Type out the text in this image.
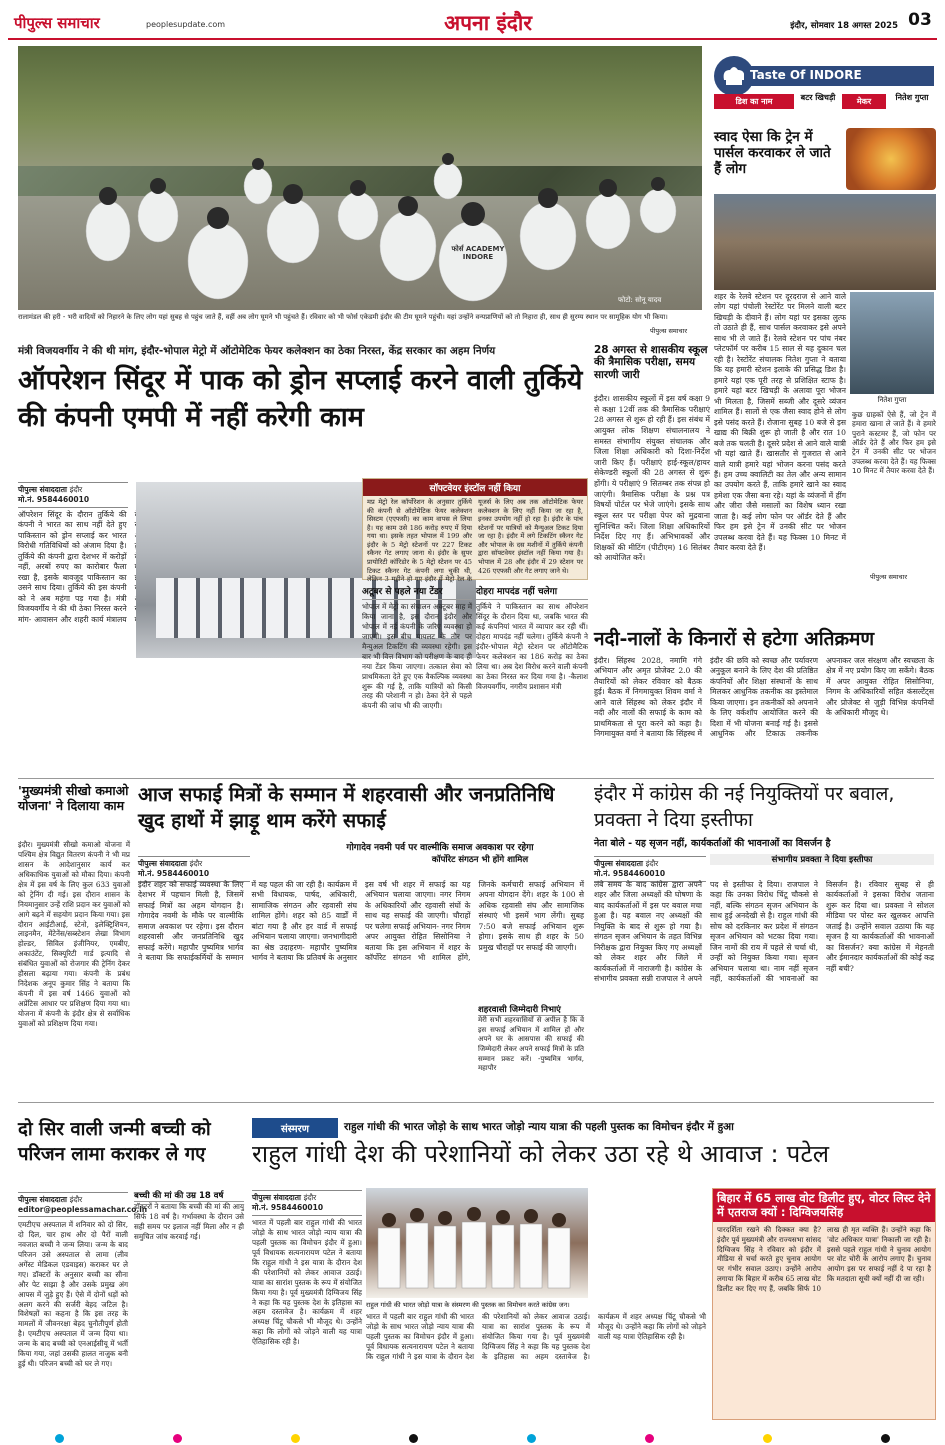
पीपुल्स समाचार	peoplesupdate.com	अपना इंदौर	इंदौर, सोमवार 18 अगस्त 2025 03
फोर्स ACADEMY INDORE
फोटो: सोनू यादव
रालामंडल की हरी - भरी वादियों को निहारने के लिए लोग यहां सुबह से पहुंच जाते हैं, वहीं अब लोग घूमने भी पहुंचते हैं। रविवार को भी फोर्स एकेडमी इंदौर की टीम घूमने पहुंची। यहां उन्होंने वन्यप्राणियों को तो निहारा ही, साथ ही सुरम्य स्थान पर सामूहिक योग भी किया।
पीपुल्स समाचार
Taste Of INDORE
डिश का नाम	बटर खिचड़ी	मेकर	नितेश गुप्ता
स्वाद ऐसा कि ट्रेन में पार्सल करवाकर ले जाते हैं लोग
शहर के रेलवे स्टेशन पर दूरदराज से आने वाले लोग यहां पंचोली रेस्टोरेंट पर मिलने वाली बटर खिचड़ी के दीवाने हैं। लोग यहां पर इसका लुत्फ तो उठाते ही हैं, साथ पार्सल करवाकर इसे अपने साथ भी ले जाते हैं। रेलवे स्टेशन पर पांच नंबर प्लेटफॉर्म पर करीब 15 साल से यह दुकान चल रही है। रेस्टोरेंट संचालक नितेश गुप्ता ने बताया कि यह हमारी स्टेशन इलाके की प्रसिद्ध डिश है। हमारे यहां एक पूरी तरह से प्रशिक्षित स्टाफ है। हमारे यहां बटर खिचड़ी के अलावा पूरा भोजन भी मिलता है, जिसमें सब्जी और दूसरे व्यंजन शामिल हैं। सालों से एक जैसा स्वाद होने से लोग इसे पसंद करते हैं। रोजाना सुबह 10 बजे से इस खाद्य की बिक्री शुरू हो जाती है और रात 10 बजे तक चलती है। दूसरे प्रदेश से आने वाले यात्री भी यहां खाते हैं। खासतौर से गुजरात से आने वाले यात्री हमारे यहां भोजन करना पसंद करते हैं। हम उच्च क्वालिटी का तेल और अन्य सामान का उपयोग करते हैं, ताकि हमारे खाने का स्वाद हमेशा एक जैसा बना रहे। यहां के व्यंजनों में हींग और जीरा जैसे मसालों का विशेष ध्यान रखा जाता है। कई लोग फोन पर ऑर्डर देते हैं और फिर हम इसे ट्रेन में उनकी सीट पर भोजन उपलब्ध करवा देते हैं। यह फिक्स 10 मिनट में तैयार करवा देते हैं।
नितेश गुप्ता
कुछ ग्राहकों ऐसे हैं, जो ट्रेन में हमारा खाना ले जाते हैं। वे हमारे पुराने कस्टमर हैं, जो फोन पर ऑर्डर देते हैं और फिर हम इसे ट्रेन में उनकी सीट पर भोजन उपलब्ध करवा देते हैं। यह फिक्स 10 मिनट में तैयार करवा देते हैं।
पीपुल्स समाचार
मंत्री विजयवर्गीय ने की थी मांग, इंदौर-भोपाल मेट्रो में ऑटोमेटिक फेयर कलेक्शन का ठेका निरस्त, केंद्र सरकार का अहम निर्णय
ऑपरेशन सिंदूर में पाक को ड्रोन सप्लाई करने वाली तुर्किये की कंपनी एमपी में नहीं करेगी काम
पीपुल्स संवाददाता इंदौर
मो.नं. 9584460010
ऑपरेशन सिंदूर के दौरान तुर्किये की कंपनी ने भारत का साथ नहीं देते हुए पाकिस्तान को ड्रोन सप्लाई कर भारत विरोधी गतिविधियों को अंजाम दिया है। तुर्किये की कंपनी द्वारा देशभर में करोड़ों नहीं, अरबों रुपए का कारोबार फैला रखा है, इसके बावजूद पाकिस्तान का उसने साथ दिया। तुर्किये की इस कंपनी को ने अब महंगा पड़ गया है। मंत्री विजयवर्गीय ने की थी ठेका निरस्त करने मांग- आवासन और शहरी कार्य मंत्रालय
सॉफ्टवेयर इंस्टॉल नहीं किया
मप्र मेट्रो रेल कॉर्पोरेशन के अनुसार तुर्किये की कंपनी से ऑटोमेटिक फेयर कलेक्शन सिस्टम (एएफसी) का काम वापस ले लिया है। यह काम उसे 186 करोड़ रुपए में दिया गया था। इसके तहत भोपाल में 199 और इंदौर के 5 मेट्रो स्टेशनों पर 227 टिकट स्कैनर गेट लगाए जाना थे। इंदौर के सुपर प्रायोरिटी कॉरिडोर के 5 मेट्रो स्टेशन पर 45 टिकट स्कैनर गेट कंपनी लगा चुकी थी, लेकिन 3 महीने हो गए इंदौर में मेट्रो रेल के यूजर्स के लिए अब तक ऑटोमेटिक फेयर कलेक्शन के लिए नहीं किया जा रहा है, इनका उपयोग नहीं हो रहा है। इंदौर के पांच स्टेशनों पर यात्रियों को मैन्युअल टिकट दिया जा रहा है। इंदौर में लगे टिकटिंग स्कैनर गेट और भोपाल के दस मशीनों में तुर्किये कंपनी द्वारा सॉफ्टवेयर इंस्टॉल नहीं किया गया है। भोपाल में 28 और इंदौर में 29 स्टेशन पर 426 एएफसी और गेट लगाए जाने थे।
अटूबर से पहले नया टेंडर
भोपाल में मेट्रो का संचालन अक्टूबर माह में किया जाना है, इस दौरान इंदौर और भोपाल में नई कंपनी के जरिए व्यवस्था हो जाएगी। इस बीच पायलट के तौर पर मैन्युअल टिकटिंग की व्यवस्था रहेगी। इस बार भी वित्त विभाग को परीक्षण के बाद ही नया टेंडर किया जाएगा। तत्काल सेवा को प्राथमिकता देते हुए एक वैकल्पिक व्यवस्था शुरू की गई है, ताकि यात्रियों को किसी तरह की परेशानी न हो। ठेका देने से पहले कंपनी की जांच भी की जाएगी।
दोहरा मापदंड नहीं चलेगा
तुर्किये ने पाकिस्तान का साथ ऑपरेशन सिंदूर के दौरान दिया था, जबकि भारत की कई कंपनियां भारत में व्यापार कर रही थीं। दोहरा मापदंड नहीं चलेगा। तुर्किये कंपनी ने इंदौर-भोपाल मेट्रो स्टेशन पर ऑटोमैटिक फेयर कलेक्शन का 186 करोड़ का ठेका लिया था। अब देश विरोध करने वाली कंपनी का ठेका निरस्त कर दिया गया है। -कैलाश विजयवर्गीय, नगरीय प्रशासन मंत्री
28 अगस्त से शासकीय स्कूल की त्रैमासिक परीक्षा, समय सारणी जारी
इंदौर। शासकीय स्कूलों में इस वर्ष कक्षा 9 से कक्षा 12वीं तक की त्रैमासिक परीक्षाएं 28 अगस्त से शुरू हो रही हैं। इस संबंध में आयुक्त लोक शिक्षण संचालनालय ने समस्त संभागीय संयुक्त संचालक और जिला शिक्षा अधिकारी को दिशा-निर्देश जारी किए हैं। परीक्षाएं हाई-स्कूल/हायर सेकेण्डरी स्कूलों की 28 अगस्त से शुरू होंगी। ये परीक्षाएं 9 सितम्बर तक संपन्न हो जाएंगी। त्रैमासिक परीक्षा के प्रश्न पत्र विषयों पोर्टल पर भेजे जाएंगे। इसके साथ स्कूल स्तर पर परीक्षा पेपर को मुद्रवाना सुनिश्चित करें। जिला शिक्षा अधिकारियों निर्देश दिए गए हैं। अभिभावकों और शिक्षकों की मीटिंग (पीटीएम) 16 सितंबर को आयोजित करें।
नदी-नालों के किनारों से हटेगा अतिक्रमण
इंदौर। सिंहस्थ 2028, नमामि गंगे अभियान और अमृत प्रोजेक्ट 2.0 की तैयारियों को लेकर रविवार को बैठक हुई। बैठक में निगमायुक्त शिवम वर्मा ने आने वाले सिंहस्थ को लेकर इंदौर में नदी और नालों की सफाई के काम को प्राथमिकता से पूरा करने को कहा है। निगमायुक्त वर्मा ने बताया कि सिंहस्थ में इंदौर की छवि को स्वच्छ और पर्यावरण अनुकूल बनाने के लिए देश की प्रतिष्ठित कंपनियों और शिक्षा संस्थानों के साथ मिलकर आधुनिक तकनीक का इस्तेमाल किया जाएगा। इन तकनीकों को अपनाने के लिए वर्कशॉप आयोजित करने की दिशा में भी योजना बनाई गई है। इससे आधुनिक और टिकाऊ तकनीक अपनाकर जल संरक्षण और स्वच्छता के क्षेत्र में नए प्रयोग किए जा सकेंगे। बैठक में अपर आयुक्त रोहित सिसोनिया, निगम के अधिकारियों सहित कंसल्टेंट्स और प्रोजेक्ट से जुड़ी विभिन्न कंपनियों के अधिकारी मौजूद थे।
'मुख्यमंत्री सीखो कमाओ योजना' ने दिलाया काम
इंदौर। मुख्यमंत्री सीखो कमाओ योजना में पश्चिम क्षेत्र विद्युत वितरण कंपनी ने भी मप्र शासन के आदेशानुसार कार्य कर अधिकाधिक युवाओं को मौका दिया। कंपनी क्षेत्र में इस वर्ष के लिए कुल 633 युवाओं को ट्रेनिंग दी गई। इस दौरान शासन के नियमानुसार उन्हें राशि प्रदान कर युवाओं को आगे बढ़ने में सहयोग प्रदान किया गया। इस दौरान आईटीआई, स्टेनो, इलेक्ट्रिशियन, लाइनमैन, मेंटेनेंस/सब्स्टेशन लेखा विभाग होल्डर, सिविल इंजीनियर, एमबीए, अकाउंटेंट, सिक्यूरिटी गार्ड इत्यादि से संबंधित युवाओं को रोजगार की ट्रेनिंग देकर हौसला बढ़ाया गया। कंपनी के प्रबंध निदेशक अनूप कुमार सिंह ने बताया कि कंपनी में इस वर्ष 1466 युवाओं को अप्रेंटिस आधार पर प्रशिक्षण दिया गया था। योजना में कंपनी के इंदौर क्षेत्र से सर्वाधिक युवाओं को प्रशिक्षण दिया गया।
आज सफाई मित्रों के सम्मान में शहरवासी और जनप्रतिनिधि खुद हाथों में झाड़ू थाम करेंगे सफाई
गोगादेव नवमी पर्व पर वाल्मीकि समाज अवकाश पर रहेगा
पीपुल्स संवाददाता इंदौर
मो.नं. 9584460010
कॉर्पोरेट संगठन भी होंगे शामिल
इंदौर शहर को सफाई व्यवस्था के लिए देशभर में पहचान मिली है, जिसमें सफाई मित्रों का अहम योगदान है। गोगादेव नवमी के मौके पर वाल्मीकि समाज अवकाश पर रहेगा। इस दौरान शहरवासी और जनप्रतिनिधि खुद सफाई करेंगे। महापौर पुष्यमित्र भार्गव ने बताया कि सफाईकर्मियों के सम्मान में यह पहल की जा रही है। कार्यक्रम में सभी विधायक, पार्षद, अधिकारी, सामाजिक संगठन और रहवासी संघ शामिल होंगे। शहर को 85 वार्डों में बांटा गया है और हर वार्ड में सफाई अभियान चलाया जाएगा। जनभागीदारी का श्रेष्ठ उदाहरण- महापौर पुष्यमित्र भार्गव ने बताया कि प्रतिवर्ष के अनुसार इस वर्ष भी शहर में सफाई का यह अभियान चलाया जाएगा। नगर निगम के अधिकारियों और रहवासी संघों के साथ यह सफाई की जाएगी। चौराहों पर चलेगा सफाई अभियान- नगर निगम अपर आयुक्त रोहित सिसोनिया ने बताया कि इस अभियान में शहर के कॉर्पोरेट संगठन भी शामिल होंगे, जिनके कर्मचारी सफाई अभियान में अपना योगदान देंगे। शहर के 100 से अधिक रहवासी संघ और सामाजिक संस्थाएं भी इसमें भाग लेंगी। सुबह 7:50 बजे सफाई अभियान शुरू होगा। इसके साथ ही शहर के 50 प्रमुख चौराहों पर सफाई की जाएगी।
शहरवासी जिम्मेदारी निभाएं
मेरी सभी शहरवासियों से अपील है कि वे इस सफाई अभियान में शामिल हों और अपने घर के आसपास की सफाई की जिम्मेदारी लेकर अपने सफाई मित्रों के प्रति सम्मान प्रकट करें। -पुष्यमित्र भार्गव, महापौर
इंदौर में कांग्रेस की नई नियुक्तियों पर बवाल, प्रवक्ता ने दिया इस्तीफा
नेता बोले - यह सृजन नहीं, कार्यकर्ताओं की भावनाओं का विसर्जन है
पीपुल्स संवाददाता इंदौर
मो.नं. 9584460010
संभागीय प्रवक्ता ने दिया इस्तीफा
लंबे समय के बाद कांग्रेस द्वारा अपने शहर और जिला अध्यक्षों की घोषणा के बाद कार्यकर्ताओं में इस पर बवाल मचा हुआ है। यह बवाल नए अध्यक्षों की नियुक्ति के बाद से शुरू हो गया है। संगठन सृजन अभियान के तहत विभिन्न निरीक्षक द्वारा नियुक्त किए गए अध्यक्षों को लेकर शहर और जिले में कार्यकर्ताओं में नाराजगी है। कांग्रेस के संभागीय प्रवक्ता सन्नी राजपाल ने अपने पद से इस्तीफा दे दिया। राजपाल ने कहा कि उनका विरोध चिंटू चौकसे से नहीं, बल्कि संगठन सृजन अभियान के साथ हुई अनदेखी से है। राहुल गांधी की सोच को दरकिनार कर प्रदेश में संगठन सृजन अभियान को भटका दिया गया। जिन नामों की राय में पहले से चर्चा थी, उन्हीं को नियुक्त किया गया। सृजन अभियान चलाया था। नाम नहीं सृजन नहीं, कार्यकर्ताओं की भावनाओं का विसर्जन है। रविवार सुबह से ही कार्यकर्ताओं ने इसका विरोध जताना शुरू कर दिया था। प्रवक्ता ने सोशल मीडिया पर पोस्ट कर खुलकर आपत्ति जताई है। उन्होंने सवाल उठाया कि यह सृजन है या कार्यकर्ताओं की भावनाओं का विसर्जन? क्या कांग्रेस में मेहनती और ईमानदार कार्यकर्ताओं की कोई कद्र नहीं बची?
दो सिर वाली जन्मी बच्ची को परिजन लामा कराकर ले गए
पीपुल्स संवाददाता इंदौर
editor@peoplessamachar.co.in
एमटीएच अस्पताल में शनिवार को दो सिर, दो दिल, चार हाथ और दो पैरों वाली नवजात बच्ची ने जन्म लिया। जन्म के बाद परिजन उसे अस्पताल से लामा (लीव अगेंस्ट मेडिकल एडवाइस) कराकर घर ले गए। डॉक्टरों के अनुसार बच्ची का सीना और पेट साझा है और उसके प्रमुख अंग आपस में जुड़े हुए हैं। ऐसे में दोनों धड़ों को अलग करने की सर्जरी बेहद जटिल है। विशेषज्ञों का कहना है कि इस तरह के मामलों में जीवनरक्षा बेहद चुनौतीपूर्ण होती है। एमटीएच अस्पताल में जन्म दिया था। जन्म के बाद बच्ची को एनआईसीयू में भर्ती किया गया, जहां उसकी हालत नाजुक बनी हुई थी। परिजन बच्ची को घर ले गए।
बच्ची की मां की उम्र 18 वर्ष
डॉक्टरों ने बताया कि बच्ची की मां की आयु सिर्फ 18 वर्ष है। गर्भावस्था के दौरान उसे सही समय पर इलाज नहीं मिला और न ही समुचित जांच करवाई गई।
संस्मरण	राहुल गांधी की भारत जोड़ो के साथ भारत जोड़ो न्याय यात्रा की पहली पुस्तक का विमोचन इंदौर में हुआ
राहुल गांधी देश की परेशानियों को लेकर उठा रहे थे आवाज : पटेल
पीपुल्स संवाददाता इंदौर
मो.नं. 9584460010
भारत में पहली बार राहुल गांधी की भारत जोड़ो के साथ भारत जोड़ो न्याय यात्रा की पहली पुस्तक का विमोचन इंदौर में हुआ। पूर्व विधायक सत्यनारायण पटेल ने बताया कि राहुल गांधी ने इस यात्रा के दौरान देश की परेशानियों को लेकर आवाज उठाई। यात्रा का सारांश पुस्तक के रूप में संयोजित किया गया है। पूर्व मुख्यमंत्री दिग्विजय सिंह ने कहा कि यह पुस्तक देश के इतिहास का अहम दस्तावेज है। कार्यक्रम में शहर अध्यक्ष चिंटू चौकसे भी मौजूद थे। उन्होंने कहा कि लोगों को जोड़ने वाली यह यात्रा ऐतिहासिक रही है।
राहुल गांधी की भारत जोड़ो यात्रा के संस्मरण की पुस्तक का विमोचन करते कांग्रेस जन।
भारत में पहली बार राहुल गांधी की भारत जोड़ो के साथ भारत जोड़ो न्याय यात्रा की पहली पुस्तक का विमोचन इंदौर में हुआ। पूर्व विधायक सत्यनारायण पटेल ने बताया कि राहुल गांधी ने इस यात्रा के दौरान देश की परेशानियों को लेकर आवाज उठाई। यात्रा का सारांश पुस्तक के रूप में संयोजित किया गया है। पूर्व मुख्यमंत्री दिग्विजय सिंह ने कहा कि यह पुस्तक देश के इतिहास का अहम दस्तावेज है। कार्यक्रम में शहर अध्यक्ष चिंटू चौकसे भी मौजूद थे। उन्होंने कहा कि लोगों को जोड़ने वाली यह यात्रा ऐतिहासिक रही है।
बिहार में 65 लाख वोट डिलीट हुए, वोटर लिस्ट देने में एतराज क्यों : दिग्विजयसिंह
पारदर्शिता रखने की दिक्कत क्या है? इंदौर पूर्व मुख्यमंत्री और राज्यसभा सांसद दिग्विजय सिंह ने रविवार को इंदौर में मीडिया से चर्चा करते हुए चुनाव आयोग पर गंभीर सवाल उठाए। उन्होंने आरोप लगाया कि बिहार में करीब 65 लाख वोट डिलीट कर दिए गए हैं, जबकि सिर्फ 10 लाख ही मृत व्यक्ति हैं। उन्होंने कहा कि 'वोट अधिकार यात्रा' निकाली जा रही है। इससे पहले राहुल गांधी ने चुनाव आयोग पर वोट चोरी के आरोप लगाए हैं। चुनाव आयोग इस पर सफाई नहीं दे पा रहा है कि मतदाता सूची क्यों नहीं दी जा रही।
